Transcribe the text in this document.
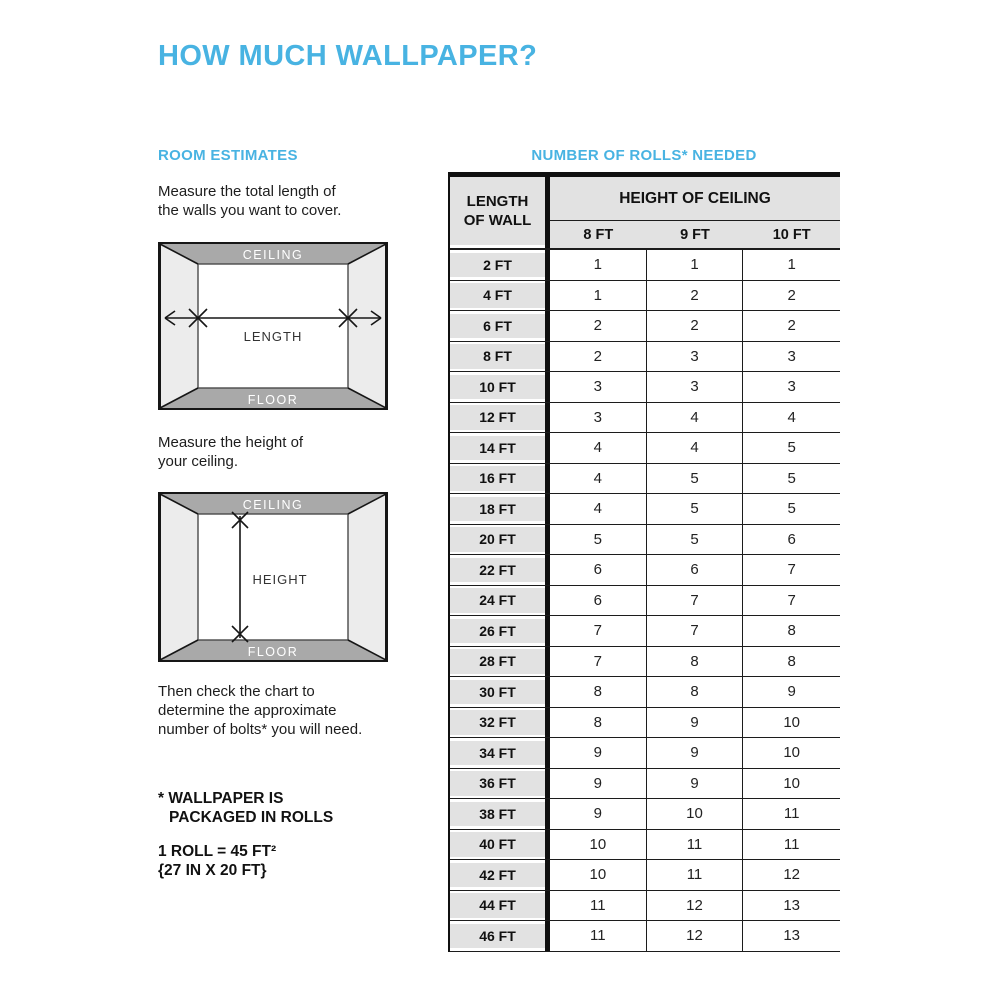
HOW MUCH WALLPAPER?
ROOM ESTIMATES
Measure the total length of
the walls you want to cover.
CEILING
FLOOR
LENGTH
Measure the height of
your ceiling.
CEILING
FLOOR
HEIGHT
Then check the chart to
determine the approximate
number of bolts* you will need.
* WALLPAPER IS
PACKAGED IN ROLLS
1 ROLL = 45 FT²
{27 IN X 20 FT}
NUMBER OF ROLLS* NEEDED
LENGTH
OF WALL
HEIGHT OF CEILING
8 FT	9 FT	10 FT
2 FT	1	1	1
4 FT	1	2	2
6 FT	2	2	2
8 FT	2	3	3
10 FT	3	3	3
12 FT	3	4	4
14 FT	4	4	5
16 FT	4	5	5
18 FT	4	5	5
20 FT	5	5	6
22 FT	6	6	7
24 FT	6	7	7
26 FT	7	7	8
28 FT	7	8	8
30 FT	8	8	9
32 FT	8	9	10
34 FT	9	9	10
36 FT	9	9	10
38 FT	9	10	11
40 FT	10	11	11
42 FT	10	11	12
44 FT	11	12	13
46 FT	11	12	13
